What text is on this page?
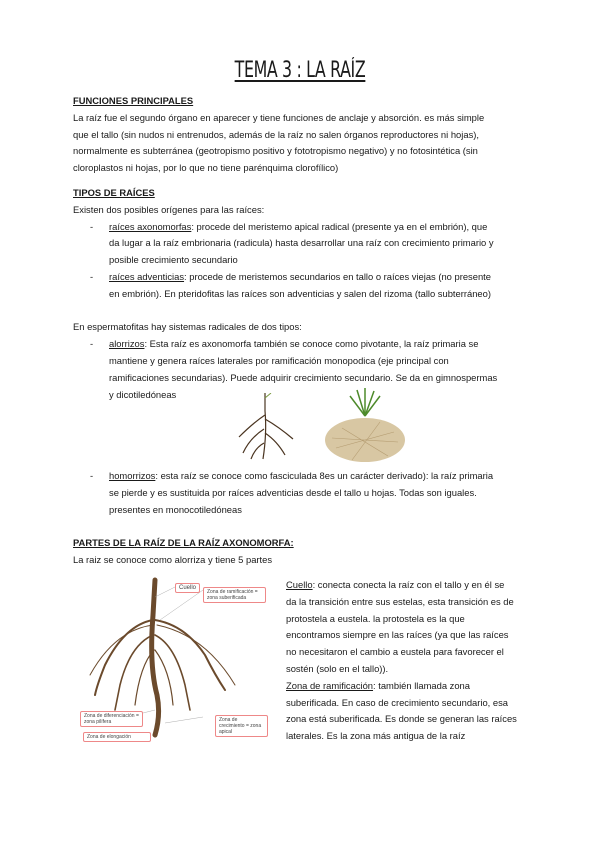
TEMA 3 : LA RAÍZ
FUNCIONES PRINCIPALES
La raíz fue el segundo órgano en aparecer y tiene funciones de anclaje y absorción. es más simple
que el tallo (sin nudos ni entrenudos, además de la raíz no salen órganos reproductores ni hojas),
normalmente es subterránea (geotropismo positivo y fototropismo negativo) y no fotosintética (sin
cloroplastos ni hojas, por lo que no tiene parénquima clorofílico)
TIPOS DE RAÍCES
Existen dos posibles orígenes para las raíces:
- raíces axonomorfas: procede del meristemo apical radical (presente ya en el embrión), que
da lugar a la raíz embrionaria (radicula) hasta desarrollar una raíz con crecimiento primario y
posible crecimiento secundario
- raíces adventicias: procede de meristemos secundarios en tallo o raíces viejas (no presente
en embrión). En pteridofitas las raíces son adventicias y salen del rizoma (tallo subterráneo)

En espermatofitas hay sistemas radicales de dos tipos:
- alorrizos: Esta raíz es axonomorfa también se conoce como pivotante, la raíz primaria se
mantiene y genera raíces laterales por ramificación monopodica (eje principal con
ramificaciones secundarias). Puede adquirir crecimiento secundario. Se da en gimnospermas
y dicotiledóneas
- homorrizos: esta raíz se conoce como fasciculada 8es un carácter derivado): la raíz primaria
se pierde y es sustituida por raíces adventicias desde el tallo u hojas. Todas son iguales.
presentes en monocotiledóneas

PARTES DE LA RAÍZ DE LA RAÍZ AXONOMORFA:
La raiz se conoce como alorriza y tiene 5 partes
Cuello
Zona de ramificación = zona suberificada
Zona de diferenciación = zona pilífera	Zona de crecimiento = zona apical
Zona de elongación
Cuello: conecta conecta la raíz con el tallo y en él se
da la transición entre sus estelas, esta transición es de
protostela a eustela. la protostela es la que
encontramos siempre en las raíces (ya que las raíces
no necesitaron el cambio a eustela para favorecer el
sostén (solo en el tallo)).
Zona de ramificación: también llamada zona
suberificada. En caso de crecimiento secundario, esa
zona está suberificada. Es donde se generan las raíces
laterales. Es la zona más antigua de la raíz
